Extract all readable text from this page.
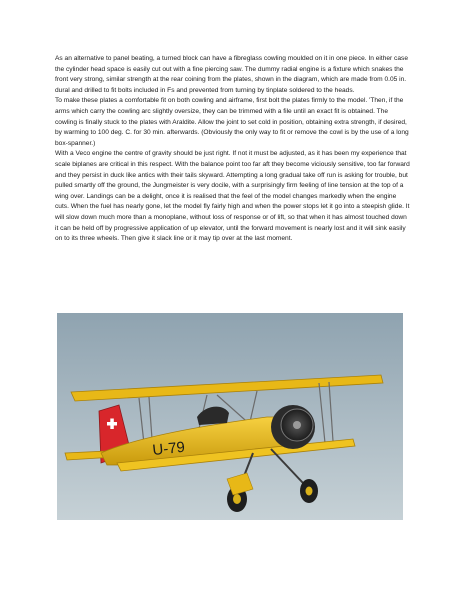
As an alternative to panel beating, a turned block can have a fibreglass cowling moulded on it in one piece. In either case the cylinder head space is easily cut out with a fine piercing saw. The dummy radial engine is a fixture which snakes the front very strong, similar strength at the rear coining from the plates, shown in the diagram, which are made from 0.05 in. dural and drilled to fit bolts included in Fs and prevented from turning by tinplate soldered to the heads.

To make these plates a comfortable fit on both cowling and airframe, first bolt the plates firmly to the model. 'Then, if the arms which carry the cowling arc slightly oversize, they can be trimmed with a file until an exact fit is obtained. The cowling is finally stuck to the plates with Araldite. Allow the joint to set cold in position, obtaining extra strength, if desired, by warming to 100 deg. C. for 30 min. afterwards. (Obviously the only way to fit or remove the cowl is by the use of a long box-spanner.)

With a Veco engine the centre of gravity should be just right. If not it must be adjusted, as it has been my experience that scale biplanes are critical in this respect. With the balance point too far aft they become viciously sensitive, too far forward and they persist in duck like antics with their tails skyward. Attempting a long gradual take off run is asking for trouble, but pulled smartly off the ground, the Jungmeister is very docile, with a surprisingly firm feeling of line tension at the top of a wing over. Landings can be a delight, once it is realised that the feel of the model changes markedly when the engine cuts. When the fuel has nearly gone, let the model fly fairly high and when the power stops let it go into a steepish glide. It will slow down much more than a monoplane, without loss of response or of lift, so that when it has almost touched down it can be held off by progressive application of up elevator, until the forward movement is nearly lost and it will sink easily on to its three wheels. Then give it slack line or it may tip over at the last moment.

U-79
